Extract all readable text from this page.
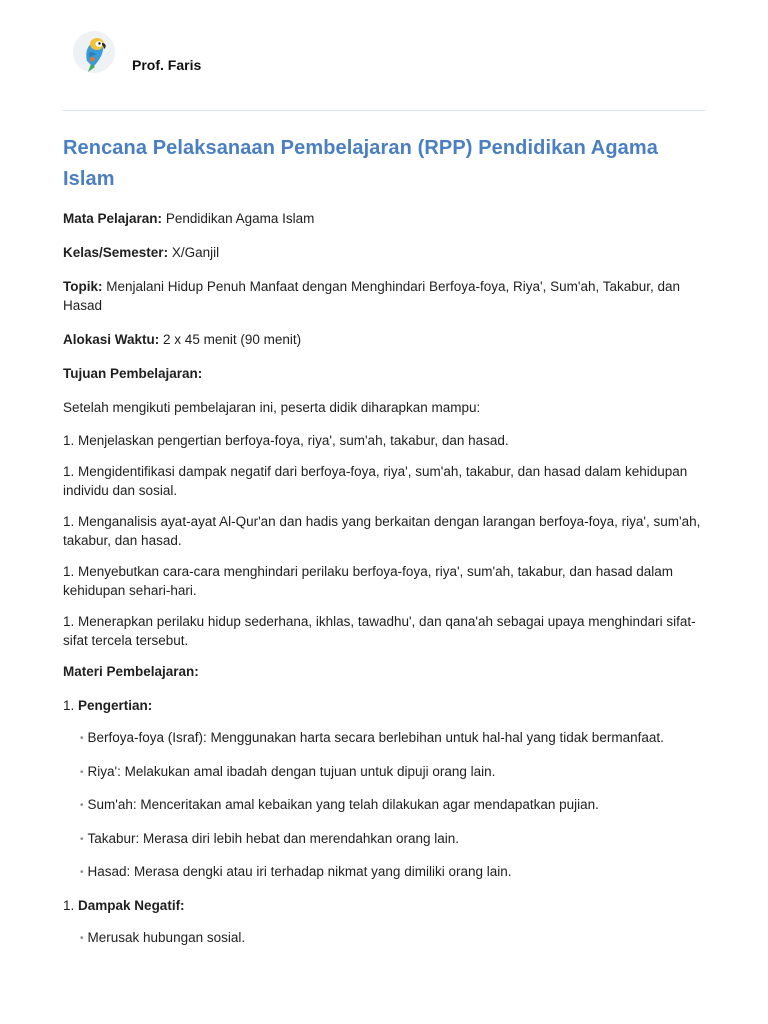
Prof. Faris
Rencana Pelaksanaan Pembelajaran (RPP) Pendidikan Agama Islam
Mata Pelajaran: Pendidikan Agama Islam
Kelas/Semester: X/Ganjil
Topik: Menjalani Hidup Penuh Manfaat dengan Menghindari Berfoya-foya, Riya', Sum'ah, Takabur, dan Hasad
Alokasi Waktu: 2 x 45 menit (90 menit)
Tujuan Pembelajaran:
Setelah mengikuti pembelajaran ini, peserta didik diharapkan mampu:
1. Menjelaskan pengertian berfoya-foya, riya', sum'ah, takabur, dan hasad.
1. Mengidentifikasi dampak negatif dari berfoya-foya, riya', sum'ah, takabur, dan hasad dalam kehidupan individu dan sosial.
1. Menganalisis ayat-ayat Al-Qur'an dan hadis yang berkaitan dengan larangan berfoya-foya, riya', sum'ah, takabur, dan hasad.
1. Menyebutkan cara-cara menghindari perilaku berfoya-foya, riya', sum'ah, takabur, dan hasad dalam kehidupan sehari-hari.
1. Menerapkan perilaku hidup sederhana, ikhlas, tawadhu', dan qana'ah sebagai upaya menghindari sifat-sifat tercela tersebut.
Materi Pembelajaran:
1. Pengertian:
• Berfoya-foya (Israf): Menggunakan harta secara berlebihan untuk hal-hal yang tidak bermanfaat.
• Riya': Melakukan amal ibadah dengan tujuan untuk dipuji orang lain.
• Sum'ah: Menceritakan amal kebaikan yang telah dilakukan agar mendapatkan pujian.
• Takabur: Merasa diri lebih hebat dan merendahkan orang lain.
• Hasad: Merasa dengki atau iri terhadap nikmat yang dimiliki orang lain.
1. Dampak Negatif:
• Merusak hubungan sosial.
